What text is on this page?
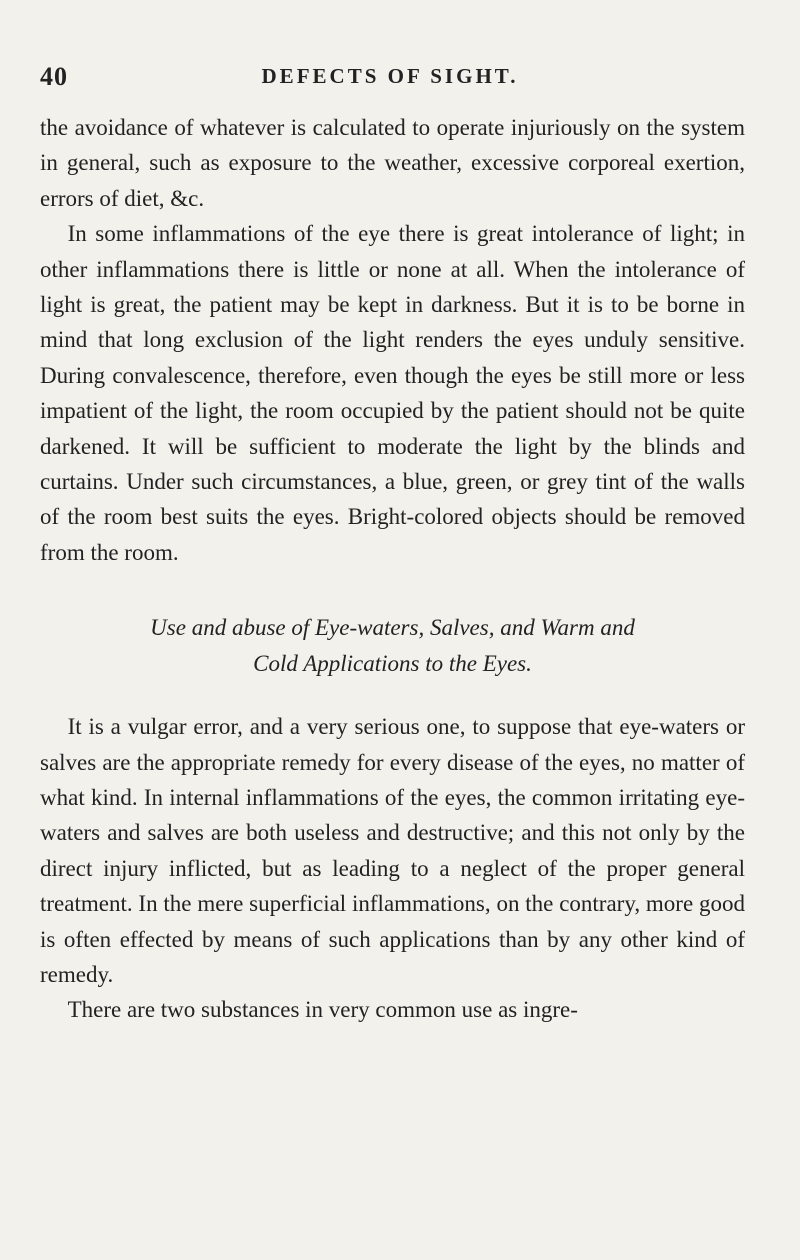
40	DEFECTS OF SIGHT.

the avoidance of whatever is calculated to operate injuriously on the system in general, such as exposure to the weather, excessive corporeal exertion, errors of diet, &c.

In some inflammations of the eye there is great intolerance of light; in other inflammations there is little or none at all. When the intolerance of light is great, the patient may be kept in darkness. But it is to be borne in mind that long exclusion of the light renders the eyes unduly sensitive. During convalescence, therefore, even though the eyes be still more or less impatient of the light, the room occupied by the patient should not be quite darkened. It will be sufficient to moderate the light by the blinds and curtains. Under such circumstances, a blue, green, or grey tint of the walls of the room best suits the eyes. Bright-colored objects should be removed from the room.

Use and abuse of Eye-waters, Salves, and Warm and
Cold Applications to the Eyes.

It is a vulgar error, and a very serious one, to suppose that eye-waters or salves are the appropriate remedy for every disease of the eyes, no matter of what kind. In internal inflammations of the eyes, the common irritating eye-waters and salves are both useless and destructive; and this not only by the direct injury inflicted, but as leading to a neglect of the proper general treatment. In the mere superficial inflammations, on the contrary, more good is often effected by means of such applications than by any other kind of remedy.

There are two substances in very common use as ingre-
